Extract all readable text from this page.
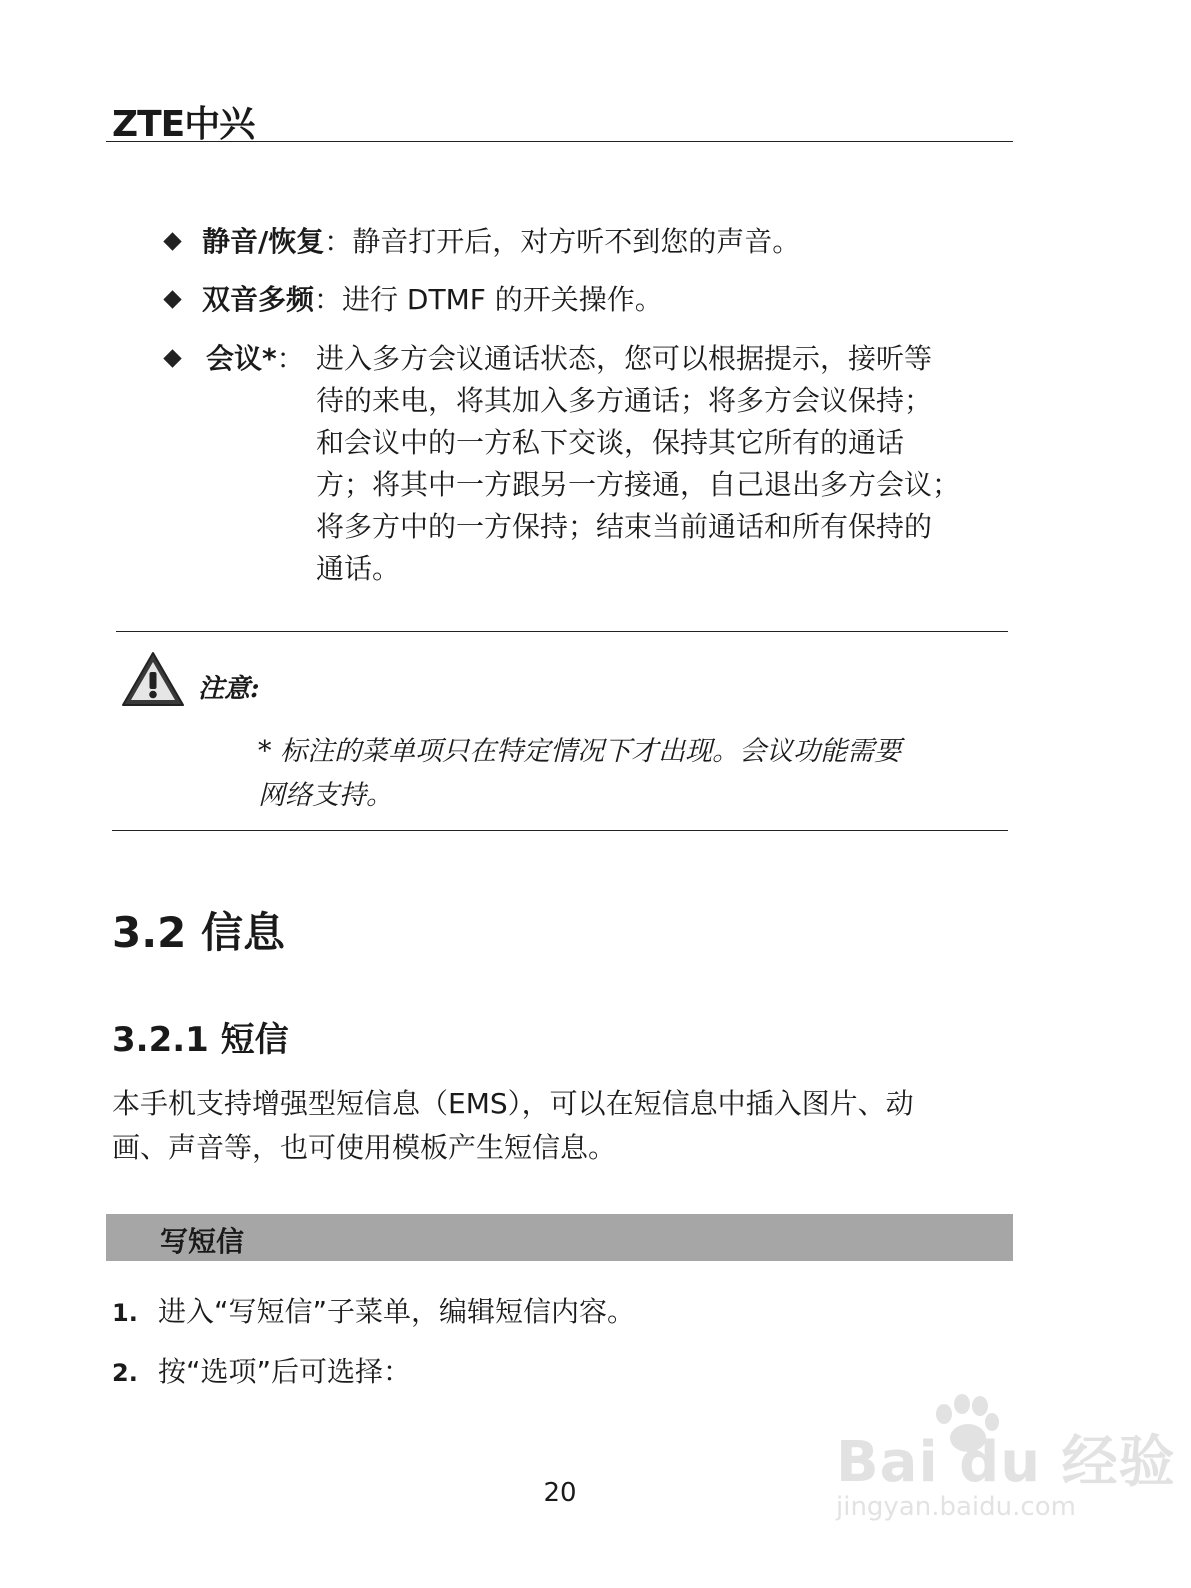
ZTE中兴
静音/恢复：静音打开后，对方听不到您的声音。
双音多频：进行 DTMF 的开关操作。
会议*： 进入多方会议通话状态，您可以根据提示，接听等
待的来电，将其加入多方通话；将多方会议保持；
和会议中的一方私下交谈，保持其它所有的通话
方；将其中一方跟另一方接通，自己退出多方会议；
将多方中的一方保持；结束当前通话和所有保持的
通话。
注意:
* 标注的菜单项只在特定情况下才出现。会议功能需要
网络支持。
3.2 信息
3.2.1 短信
本手机支持增强型短信息（EMS），可以在短信息中插入图片、动
画、声音等，也可使用模板产生短信息。
写短信
1. 进入“写短信”子菜单，编辑短信内容。
2. 按“选项”后可选择：
20	Bai du 经验
jingyan.baidu.com
